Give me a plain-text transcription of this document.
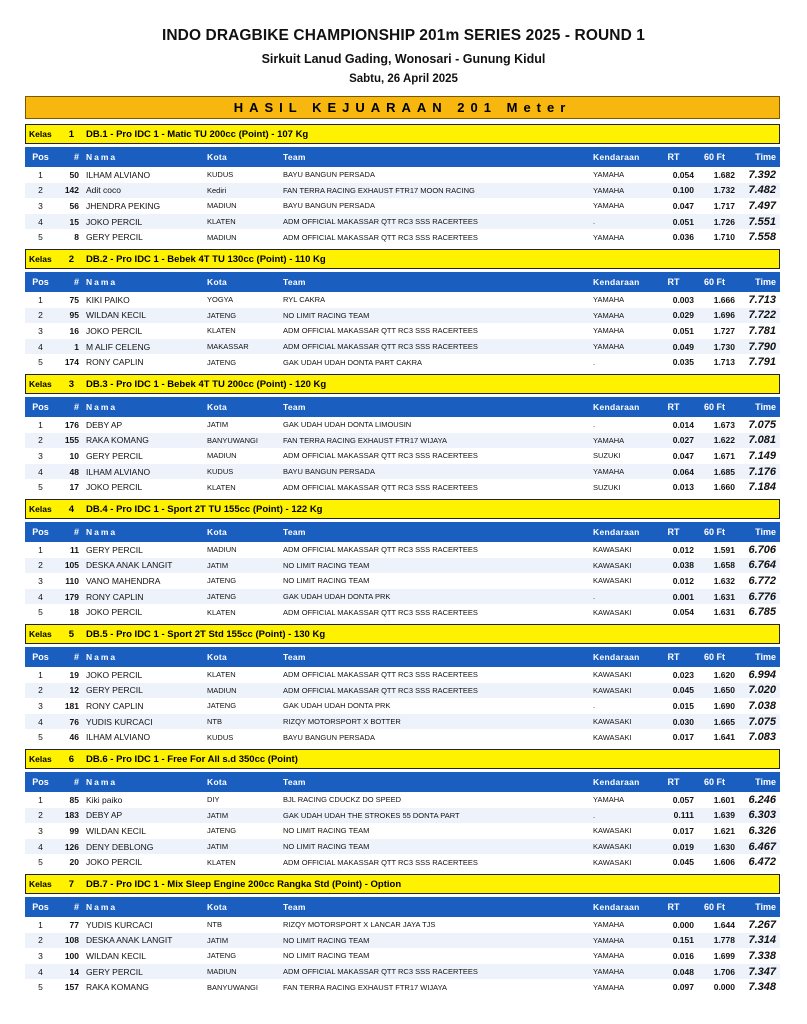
INDO DRAGBIKE CHAMPIONSHIP 201m SERIES 2025 - ROUND 1
Sirkuit Lanud Gading, Wonosari - Gunung Kidul
Sabtu, 26 April 2025
HASIL KEJUARAAN 201 Meter
Kelas	1 DB.1 - Pro IDC 1 - Matic TU 200cc (Point) - 107 Kg
Pos	# Nama	Kota	Team	Kendaraan	RT	60 Ft	Time
1	50 ILHAM ALVIANO	KUDUS	BAYU BANGUN PERSADA	YAMAHA	0.054	1.682	7.392
2	142 Adit coco	Kediri	FAN TERRA RACING EXHAUST FTR17 MOON RACING	YAMAHA	0.100	1.732	7.482
3	56 JHENDRA PEKING	MADIUN	BAYU BANGUN PERSADA	YAMAHA	0.047	1.717	7.497
4	15 JOKO PERCIL	KLATEN	ADM OFFICIAL MAKASSAR QTT RC3 SSS RACERTEES	.	0.051	1.726	7.551
5	8 GERY PERCIL	MADIUN	ADM OFFICIAL MAKASSAR QTT RC3 SSS RACERTEES	YAMAHA	0.036	1.710	7.558
Kelas	2 DB.2 - Pro IDC 1 - Bebek 4T TU 130cc (Point) - 110 Kg
Pos	# Nama	Kota	Team	Kendaraan	RT	60 Ft	Time
1	75 KIKI PAIKO	YOGYA	RYL CAKRA	YAMAHA	0.003	1.666	7.713
2	95 WILDAN KECIL	JATENG	NO LIMIT RACING TEAM	YAMAHA	0.029	1.696	7.722
3	16 JOKO PERCIL	KLATEN	ADM OFFICIAL MAKASSAR QTT RC3 SSS RACERTEES	YAMAHA	0.051	1.727	7.781
4	1 M ALIF CELENG	MAKASSAR	ADM OFFICIAL MAKASSAR QTT RC3 SSS RACERTEES	YAMAHA	0.049	1.730	7.790
5	174 RONY CAPLIN	JATENG	GAK UDAH UDAH DONTA PART CAKRA	.	0.035	1.713	7.791
Kelas	3 DB.3 - Pro IDC 1 - Bebek 4T TU 200cc (Point) - 120 Kg
Pos	# Nama	Kota	Team	Kendaraan	RT	60 Ft	Time
1	176 DEBY AP	JATIM	GAK UDAH UDAH DONTA LIMOUSIN	.	0.014	1.673	7.075
2	155 RAKA KOMANG	BANYUWANGI	FAN TERRA RACING EXHAUST FTR17 WIJAYA	YAMAHA	0.027	1.622	7.081
3	10 GERY PERCIL	MADIUN	ADM OFFICIAL MAKASSAR QTT RC3 SSS RACERTEES	SUZUKI	0.047	1.671	7.149
4	48 ILHAM ALVIANO	KUDUS	BAYU BANGUN PERSADA	YAMAHA	0.064	1.685	7.176
5	17 JOKO PERCIL	KLATEN	ADM OFFICIAL MAKASSAR QTT RC3 SSS RACERTEES	SUZUKI	0.013	1.660	7.184
Kelas	4 DB.4 - Pro IDC 1 - Sport 2T TU 155cc (Point) - 122 Kg
Pos	# Nama	Kota	Team	Kendaraan	RT	60 Ft	Time
1	11 GERY PERCIL	MADIUN	ADM OFFICIAL MAKASSAR QTT RC3 SSS RACERTEES	KAWASAKI	0.012	1.591	6.706
2	105 DESKA ANAK LANGIT	JATIM	NO LIMIT RACING TEAM	KAWASAKI	0.038	1.658	6.764
3	110 VANO MAHENDRA	JATENG	NO LIMIT RACING TEAM	KAWASAKI	0.012	1.632	6.772
4	179 RONY CAPLIN	JATENG	GAK UDAH UDAH DONTA PRK	.	0.001	1.631	6.776
5	18 JOKO PERCIL	KLATEN	ADM OFFICIAL MAKASSAR QTT RC3 SSS RACERTEES	KAWASAKI	0.054	1.631	6.785
Kelas	5 DB.5 - Pro IDC 1 - Sport 2T Std 155cc (Point) - 130 Kg
Pos	# Nama	Kota	Team	Kendaraan	RT	60 Ft	Time
1	19 JOKO PERCIL	KLATEN	ADM OFFICIAL MAKASSAR QTT RC3 SSS RACERTEES	KAWASAKI	0.023	1.620	6.994
2	12 GERY PERCIL	MADIUN	ADM OFFICIAL MAKASSAR QTT RC3 SSS RACERTEES	KAWASAKI	0.045	1.650	7.020
3	181 RONY CAPLIN	JATENG	GAK UDAH UDAH DONTA PRK	.	0.015	1.690	7.038
4	76 YUDIS KURCACI	NTB	RIZQY MOTORSPORT X BOTTER	KAWASAKI	0.030	1.665	7.075
5	46 ILHAM ALVIANO	KUDUS	BAYU BANGUN PERSADA	KAWASAKI	0.017	1.641	7.083
Kelas	6 DB.6 - Pro IDC 1 - Free For All s.d 350cc (Point)
Pos	# Nama	Kota	Team	Kendaraan	RT	60 Ft	Time
1	85 Kiki paiko	DIY	BJL RACING CDUCKZ DO SPEED	YAMAHA	0.057	1.601	6.246
2	183 DEBY AP	JATIM	GAK UDAH UDAH THE STROKES 55 DONTA PART	.	0.111	1.639	6.303
3	99 WILDAN KECIL	JATENG	NO LIMIT RACING TEAM	KAWASAKI	0.017	1.621	6.326
4	126 DENY DEBLONG	JATIM	NO LIMIT RACING TEAM	KAWASAKI	0.019	1.630	6.467
5	20 JOKO PERCIL	KLATEN	ADM OFFICIAL MAKASSAR QTT RC3 SSS RACERTEES	KAWASAKI	0.045	1.606	6.472
Kelas	7 DB.7 - Pro IDC 1 - Mix Sleep Engine 200cc Rangka Std (Point) - Option
Pos	# Nama	Kota	Team	Kendaraan	RT	60 Ft	Time
1	77 YUDIS KURCACI	NTB	RIZQY MOTORSPORT X LANCAR JAYA TJS	YAMAHA	0.000	1.644	7.267
2	108 DESKA ANAK LANGIT	JATIM	NO LIMIT RACING TEAM	YAMAHA	0.151	1.778	7.314
3	100 WILDAN KECIL	JATENG	NO LIMIT RACING TEAM	YAMAHA	0.016	1.699	7.338
4	14 GERY PERCIL	MADIUN	ADM OFFICIAL MAKASSAR QTT RC3 SSS RACERTEES	YAMAHA	0.048	1.706	7.347
5	157 RAKA KOMANG	BANYUWANGI	FAN TERRA RACING EXHAUST FTR17 WIJAYA	YAMAHA	0.097	0.000	7.348
